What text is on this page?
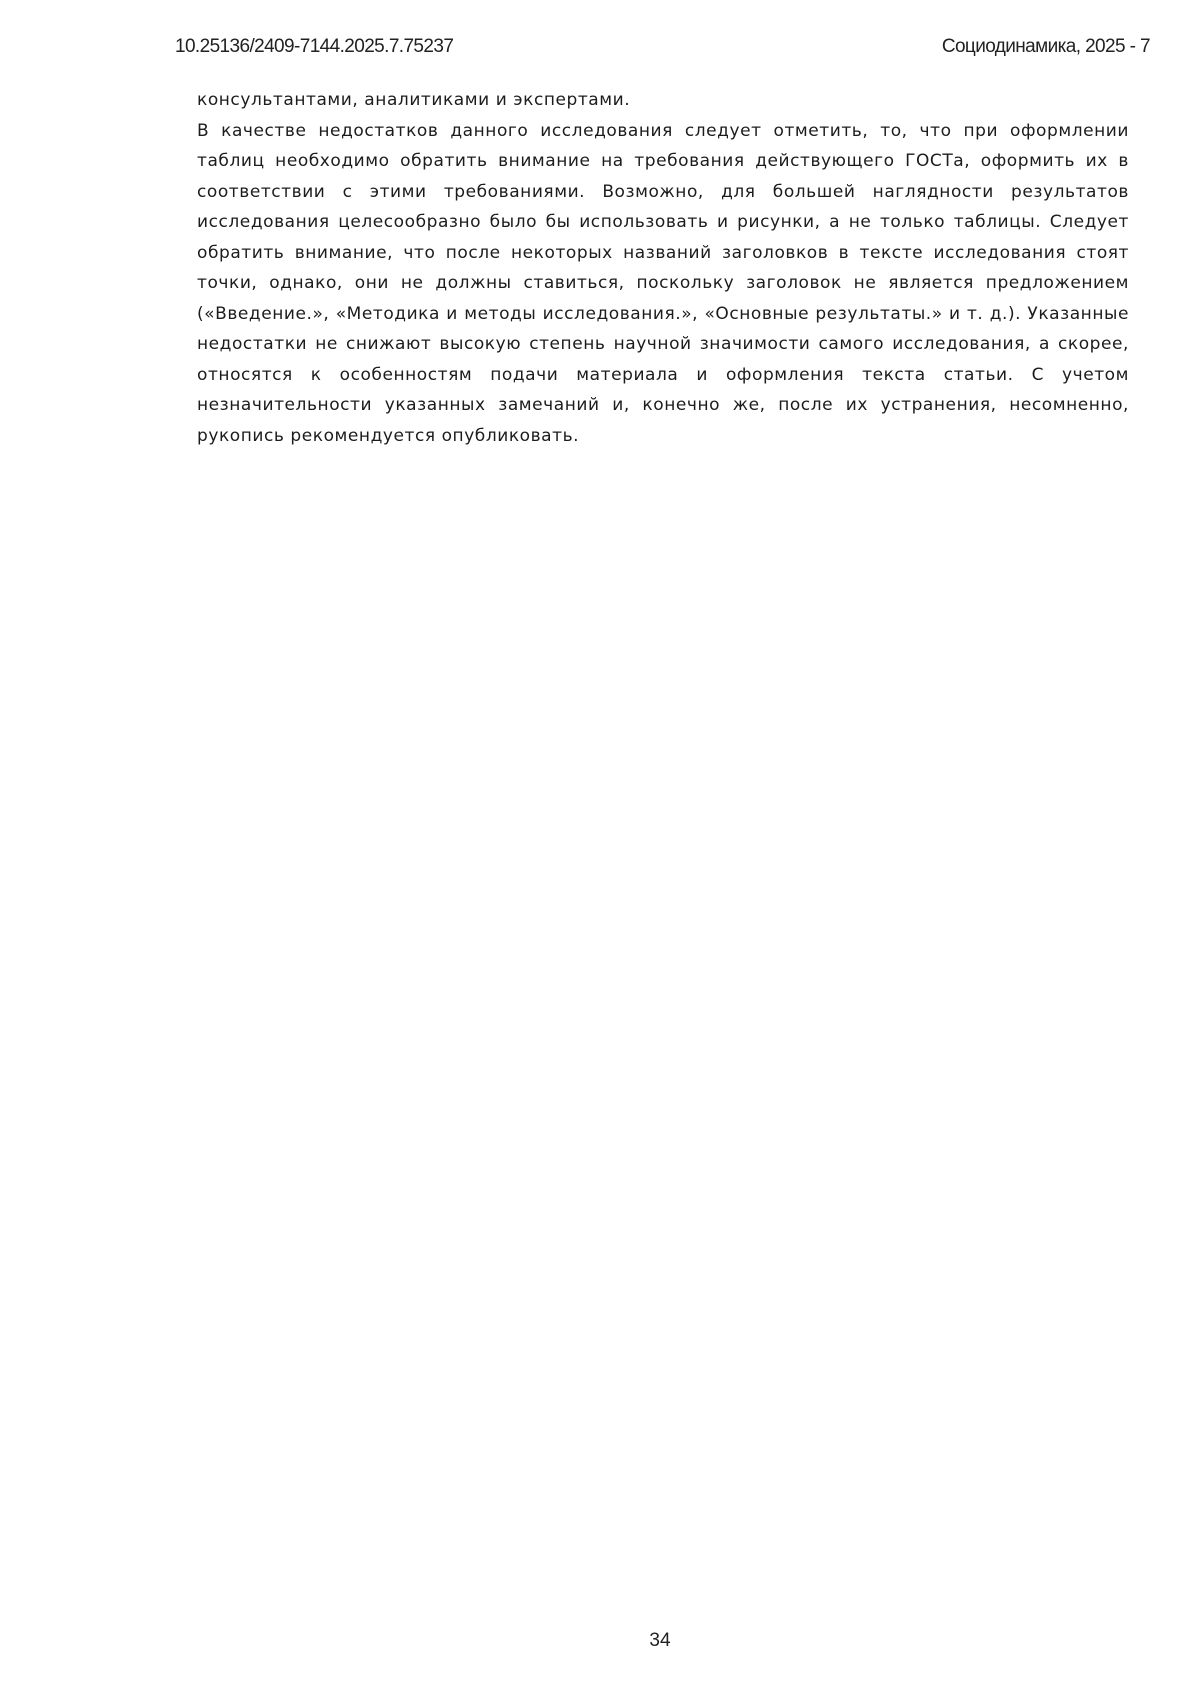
10.25136/2409-7144.2025.7.75237	Социодинамика, 2025 - 7

консультантами, аналитиками и экспертами.

В качестве недостатков данного исследования следует отметить, то, что при оформлении таблиц необходимо обратить внимание на требования действующего ГОСТа, оформить их в соответствии с этими требованиями. Возможно, для большей наглядности результатов исследования целесообразно было бы использовать и рисунки, а не только таблицы. Следует обратить внимание, что после некоторых названий заголовков в тексте исследования стоят точки, однако, они не должны ставиться, поскольку заголовок не является предложением («Введение.», «Методика и методы исследования.», «Основные результаты.» и т. д.). Указанные недостатки не снижают высокую степень научной значимости самого исследования, а скорее, относятся к особенностям подачи материала и оформления текста статьи. С учетом незначительности указанных замечаний и, конечно же, после их устранения, несомненно, рукопись рекомендуется опубликовать.

34
